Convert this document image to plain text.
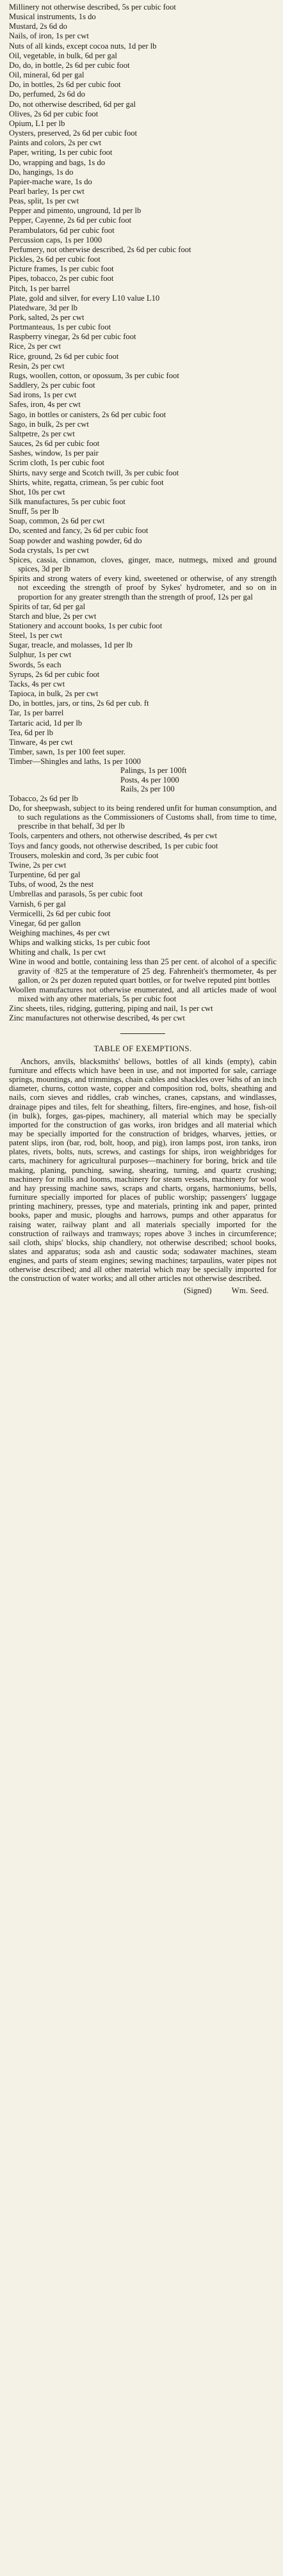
Millinery not otherwise described, 5s per cubic foot
Musical instruments, 1s do
Mustard, 2s 6d do
Nails, of iron, 1s per cwt
Nuts of all kinds, except cocoa nuts, 1d per lb
Oil, vegetable, in bulk, 6d per gal
Do, do, in bottle, 2s 6d per cubic foot
Oil, mineral, 6d per gal
Do, in bottles, 2s 6d per cubic foot
Do, perfumed, 2s 6d do
Do, not otherwise described, 6d per gal
Olives, 2s 6d per cubic foot
Opium, L1 per lb
Oysters, preserved, 2s 6d per cubic foot
Paints and colors, 2s per cwt
Paper, writing, 1s per cubic foot
Do, wrapping and bags, 1s do
Do, hangings, 1s do
Papier-mache ware, 1s do
Pearl barley, 1s per cwt
Peas, split, 1s per cwt
Pepper and pimento, unground, 1d per lb
Pepper, Cayenne, 2s 6d per cubic foot
Perambulators, 6d per cubic foot
Percussion caps, 1s per 1000
Perfumery, not otherwise described, 2s 6d per cubic foot
Pickles, 2s 6d per cubic foot
Picture frames, 1s per cubic foot
Pipes, tobacco, 2s per cubic foot
Pitch, 1s per barrel
Plate, gold and silver, for every L10 value L10
Platedware, 3d per lb
Pork, salted, 2s per cwt
Portmanteaus, 1s per cubic foot
Raspberry vinegar, 2s 6d per cubic foot
Rice, 2s per cwt
Rice, ground, 2s 6d per cubic foot
Resin, 2s per cwt
Rugs, woollen, cotton, or opossum, 3s per cubic foot
Saddlery, 2s per cubic foot
Sad irons, 1s per cwt
Safes, iron, 4s per cwt
Sago, in bottles or canisters, 2s 6d per cubic foot
Sago, in bulk, 2s per cwt
Saltpetre, 2s per cwt
Sauces, 2s 6d per cubic foot
Sashes, window, 1s per pair
Scrim cloth, 1s per cubic foot
Shirts, navy serge and Scotch twill, 3s per cubic foot
Shirts, white, regatta, crimean, 5s per cubic foot
Shot, 10s per cwt
Silk manufactures, 5s per cubic foot
Snuff, 5s per lb
Soap, common, 2s 6d per cwt
Do, scented and fancy, 2s 6d per cubic foot
Soap powder and washing powder, 6d do
Soda crystals, 1s per cwt
Spices, cassia, cinnamon, cloves, ginger, mace, nutmegs, mixed and ground spices, 3d per lb
Spirits and strong waters of every kind, sweetened or otherwise, of any strength not exceeding the strength of proof by Sykes' hydrometer, and so on in proportion for any greater strength than the strength of proof, 12s per gal
Spirits of tar, 6d per gal
Starch and blue, 2s per cwt
Stationery and account books, 1s per cubic foot
Steel, 1s per cwt
Sugar, treacle, and molasses, 1d per lb
Sulphur, 1s per cwt
Swords, 5s each
Syrups, 2s 6d per cubic foot
Tacks, 4s per cwt
Tapioca, in bulk, 2s per cwt
Do, in bottles, jars, or tins, 2s 6d per cub. ft
Tar, 1s per barrel
Tartaric acid, 1d per lb
Tea, 6d per lb
Tinware, 4s per cwt
Timber, sawn, 1s per 100 feet super.
Timber—Shingles and laths, 1s per 1000
Palings, 1s per 100ft
Posts, 4s per 1000
Rails, 2s per 100
Tobacco, 2s 6d per lb
Do, for sheepwash, subject to its being rendered unfit for human consumption, and to such regulations as the Commissioners of Customs shall, from time to time, prescribe in that behalf, 3d per lb
Tools, carpenters and others, not otherwise described, 4s per cwt
Toys and fancy goods, not otherwise described, 1s per cubic foot
Trousers, moleskin and cord, 3s per cubic foot
Twine, 2s per cwt
Turpentine, 6d per gal
Tubs, of wood, 2s the nest
Umbrellas and parasols, 5s per cubic foot
Varnish, 6 per gal
Vermicelli, 2s 6d per cubic foot
Vinegar, 6d per gallon
Weighing machines, 4s per cwt
Whips and walking sticks, 1s per cubic foot
Whiting and chalk, 1s per cwt
Wine in wood and bottle, containing less than 25 per cent. of alcohol of a specific gravity of ·825 at the temperature of 25 deg. Fahrenheit's thermometer, 4s per gallon, or 2s per dozen reputed quart bottles, or for twelve reputed pint bottles
Woollen manufactures not otherwise enumerated, and all articles made of wool mixed with any other materials, 5s per cubic foot
Zinc sheets, tiles, ridging, guttering, piping and nail, 1s per cwt
Zinc manufactures not otherwise described, 4s per cwt
TABLE OF EXEMPTIONS.

Anchors, anvils, blacksmiths' bellows, bottles of all kinds (empty), cabin furniture and effects which have been in use, and not imported for sale, carriage springs, mountings, and trimmings, chain cables and shackles over ⅝ths of an inch diameter, churns, cotton waste, copper and composition rod, bolts, sheathing and nails, corn sieves and riddles, crab winches, cranes, capstans, and windlasses, drainage pipes and tiles, felt for sheathing, filters, fire-engines, and hose, fish-oil (in bulk), forges, gas-pipes, machinery, all material which may be specially imported for the construction of gas works, iron bridges and all material which may be specially imported for the construction of bridges, wharves, jetties, or patent slips, iron (bar, rod, bolt, hoop, and pig), iron lamps post, iron tanks, iron plates, rivets, bolts, nuts, screws, and castings for ships, iron weighbridges for carts, machinery for agricultural purposes—machinery for boring, brick and tile making, planing, punching, sawing, shearing, turning, and quartz crushing; machinery for mills and looms, machinery for steam vessels, machinery for wool and hay pressing machine saws, scraps and charts, organs, harmoniums, bells, furniture specially imported for places of public worship; passengers' luggage printing machinery, presses, type and materials, printing ink and paper, printed books, paper and music, ploughs and harrows, pumps and other apparatus for raising water, railway plant and all materials specially imported for the construction of railways and tramways; ropes above 3 inches in circumference; sail cloth, ships' blocks, ship chandlery, not otherwise described; school books, slates and apparatus; soda ash and caustic soda; sodawater machines, steam engines, and parts of steam engines; sewing machines; tarpaulins, water pipes not otherwise described; and all other material which may be specially imported for the construction of water works; and all other articles not otherwise described.

(Signed) Wm. Seed.
